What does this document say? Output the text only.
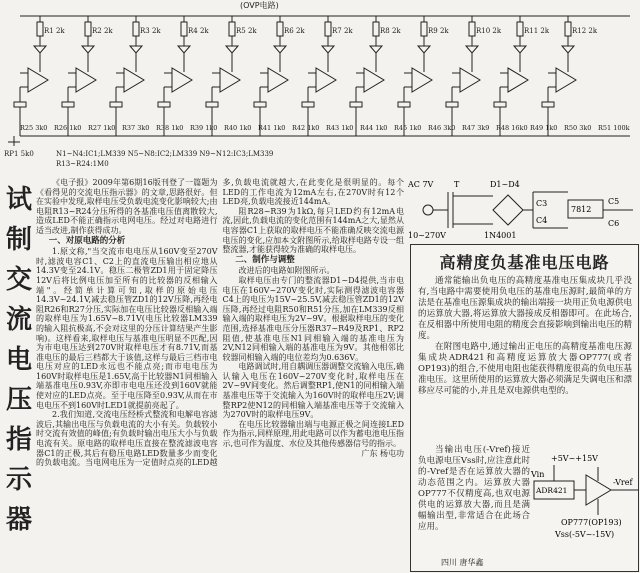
(OVP电路)
R1 2k	R2 2k	R3 2k	R4 2k	R5 2k	R6 2k	R7 2k	R8 2k	R9 2k	R10 2k	R11 2k	R12 2k
R25 3k0 R26 1k0 R27 1k0 R37 3k0 R38 1k0 R39 1k0 R40 1k0 R41 1k0 R42 1k0 R43 1k0 R44 1k0 R45 1k0 R46 3k0 R47 3k9 R48 16k0 R49 1k0 R50 3k0 R51 100k
N1~N4:IC1;LM339 N5~N8:IC2;LM339 N9~N12:IC3;LM339
R13~R24:1M0
RP1 5k0
试
制
交
流
电
压
指
示
器

《电子报》2009年第6期16版刊登了一篇题为《看得见的交流电压指示器》的文章,思路很好。但在实验中发现,取样电压受负载电流变化影响较大;由电阻R13~R24分压所得的各基准电压值离散较大,造成LED不能正确指示电网电压。经过对电路进行适当改进,制作获得成功。

一、对原电路的分析

1.原文称,"当交流市电电压从160V变至270V时,滤波电容C1、C2上的直流电压输出相应地从14.3V变至24.1V。稳压二极管ZD1用于固定降压12V后将比例电压加至所有的比较器的反相输入端"。经简单计算可知,取样的原始电压14.3V~24.1V,减去稳压管ZD1的12V压降,再经电阻R26和R27分压,实际加在电压比较器反相输入端的取样电压为1.65V~8.71V(电压比较器LM339的输入阻抗极高,不会对这里的分压计算结果产生影响)。这样看来,取样电压与基准电压明显不匹配,因为市电电压达到270V时取样电压才有8.71V,而基准电压的最后三档都大于该值,这样与最后三档市电电压对应的LED永远也不能点亮;而市电电压为160V时取样电压是1.65V,高于比较器N1同相输入端基准电压0.93V,亦即市电电压还没到160V就能使对应的LED点亮。至于电压降至0.93V,从而在市电电压不到160V时LED1就提前亮起了。

2.我们知道,交流电压经桥式整流和电解电容滤波后,其输出电压与负载电流的大小有关。负载较小时交流有效值的峰值;有负载时输出电压大小与负载电流有关。原电路的取样电压直接在整流滤波电容器C1的正极,其后有稳压电路LED数量多少而变化的负载电流。当电网电压为一定值时点亮的LED越多,负载电流就越大,在此变化是很明显的。每个LED的工作电流为12mA左右,在270V时有12个LED亮,负载电流接近144mA。

阻R28~R39为1kΩ,每只LED约有12mA电流,因此,负载电流的变化范围有144mA之大,显然从电容器C1上获取的取样电压不能准确反映交流电源电压的变化,应加本文附图所示,给取样电路专设一组整流器,才能获得较为准确的取样电压。

二、制作与调整

改进后的电路如附图所示。

取样电压由专门的整流器D1~D4提供,当市电电压在160V~270V变化时,实际测得滤波电容器C4上的电压为15V~25.5V,减去稳压管ZD1的12V压降,再经过电阻R50和R51分压,加在LM339反相输入端的取样电压为2V~9V。根据取样电压的变化范围,选择基准电压分压器R37~R49及RP1、RP2阻值,使基准电压N1同相输入端的基准电压为2V,N12同相输入端的基准电压为9V。其他相邻比较器同相输入端的电位差均为0.636V。

电路调试时,用自耦调压器调整交流输入电压,确认输入电压在160V~270V变化时,取样电压在2V~9V间变化。然后调整RP1,使N1的同相输入端基准电压等于交流输入为160V时的取样电压2V;调整RP2使N12的同相输入端基准电压等于交流输入为270V时的取样电压9V。

在电压比较器输出端与电源正极之间连接LED作为指示,同样原理,用此电路可以作为蓄电池电压指示,也可作为温度、水位及其他传感器信号的指示。

广东 杨屯功
AC 7V
10~270V
T	D1~D4
1N4001
C3
C4
7812
C5
C6
高精度负基准电压电路

通常能输出负电压的高精度基准电压集成块几乎没有,当电路中需要使用负电压的基准电压源时,最简单的方法是在基准电压源集成块的输出端接一块用正负电源供电的运算放大器,将运算放大器接成反相器即可。在此场合,在反相器中所使用电阻的精度会直接影响到输出电压的精度。

在附图电路中,通过输出正电压的高精度基准电压源集成块ADR421和高精度运算放大器OP777(或者OP193)的组合,不使用电阻也能获得精度很高的负电压基准电压。这里所使用的运算放大器必须满足失调电压和漂移应尽可能的小,并且是双电源供电型的。

当输出电压(-Vref)接近负电源电压Vss时,应注意此时的-Vref是否在运算放大器的动态范围之内。运算放大器OP777不仅精度高,也双电源供电的运算放大器,而且是满幅输出型,非常适合在此场合应用。

+5V~+15V
Vin
ADR421
-Vref
OP777(OP193)
Vss(-5V~-15V)
四川 唐华鑫
